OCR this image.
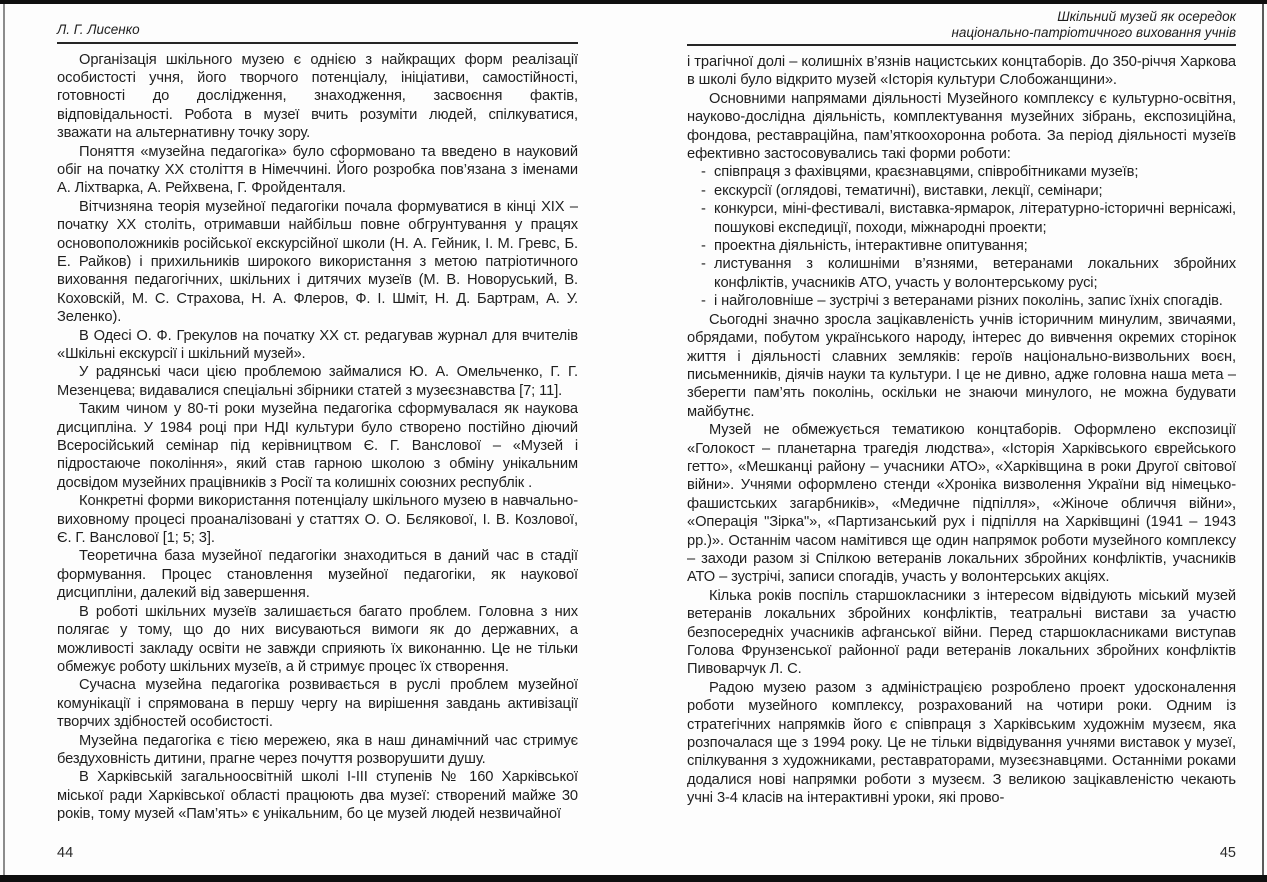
Л. Г. Лисенко

Організація шкільного музею є однією з найкращих форм реалізації особистості учня, його творчого потенціалу, ініціативи, самостійності, готовності до дослідження, знаходження, засвоєння фактів, відповідальності. Робота в музеї вчить розуміти людей, спілкуватися, зважати на альтернативну точку зору.

Поняття «музейна педагогіка» було сформовано та введено в науковий обіг на початку ХХ століття в Німеччині. Його розробка пов’язана з іменами А. Ліхтварка, А. Рейхвена, Г. Фройденталя.

Вітчизняна теорія музейної педагогіки почала формуватися в кінці ХІХ – початку ХХ століть, отримавши найбільш повне обгрунтування у працях основоположників російської екскурсійної школи (Н. А. Гейник, І. М. Гревс, Б. Е. Райков) і прихильників широкого використання з метою патріотичного виховання педагогічних, шкільних і дитячих музеїв (М. В. Новоруський, В. Коховскій, М. С. Страхова, Н. А. Флеров, Ф. І. Шміт, Н. Д. Бартрам, А. У. Зеленко).

В Одесі О. Ф. Грекулов на початку ХХ ст. редагував журнал для вчителів «Шкільні екскурсії і шкільний музей».

У радянські часи цією проблемою займалися Ю. А. Омельченко, Г. Г. Мезенцева; видавалися спеціальні збірники статей з музеєзнавства [7; 11].

Таким чином у 80-ті роки музейна педагогіка сформувалася як наукова дисципліна. У 1984 році при НДІ культури було створено постійно діючий Всеросійський семінар під керівництвом Є. Г. Ванслової – «Музей і підростаюче покоління», який став гарною школою з обміну унікальним досвідом музейних працівників з Росії та колишніх союзних республік .

Конкретні форми використання потенціалу шкільного музею в навчально-виховному процесі проаналізовані у статтях О. О. Бєлякової, І. В. Козлової, Є. Г. Ванслової [1; 5; 3].

Теоретична база музейної педагогіки знаходиться в даний час в стадії формування. Процес становлення музейної педагогіки, як наукової дисципліни, далекий від завершення.

В роботі шкільних музеїв залишається багато проблем. Головна з них полягає у тому, що до них висуваються вимоги як до державних, а можливості закладу освіти не завжди сприяють їх виконанню. Це не тільки обмежує роботу шкільних музеїв, а й стримує процес їх створення.

Сучасна музейна педагогіка розвивається в руслі проблем музейної комунікації і спрямована в першу чергу на вирішення завдань активізації творчих здібностей особистості.

Музейна педагогіка є тією мережею, яка в наш динамічний час стримує бездуховність дитини, прагне через почуття розворушити душу.

В Харківській загальноосвітній школі І-ІІІ ступенів № 160 Харківської міської ради Харківської області працюють два музеї: створений майже 30 років, тому музей «Пам’ять» є унікальним, бо це музей людей незвичайної

44
Шкільний музей як осередок
національно-патріотичного виховання учнів

і трагічної долі – колишніх в’язнів нацистських концтаборів. До 350-річчя Харкова в школі було відкрито музей «Історія культури Слобожанщини».

Основними напрямами діяльності Музейного комплексу є культурно-освітня, науково-дослідна діяльність, комплектування музейних зібрань, експозиційна, фондова, реставраційна, пам’яткоохоронна робота. За період діяльності музеїв ефективно застосовувались такі форми роботи:

- співпраця з фахівцями, краєзнавцями, співробітниками музеїв;

- екскурсії (оглядові, тематичні), виставки, лекції, семінари;

- конкурси, міні-фестивалі, виставка-ярмарок, літературно-історичні вернісажі, пошукові експедиції, походи, міжнародні проекти;

- проектна діяльність, інтерактивне опитування;

- листування з колишніми в’язнями, ветеранами локальних збройних конфліктів, учасників АТО, участь у волонтерському русі;

- і найголовніше – зустрічі з ветеранами різних поколінь, запис їхніх спогадів.

Сьогодні значно зросла зацікавленість учнів історичним минулим, звичаями, обрядами, побутом українського народу, інтерес до вивчення окремих сторінок життя і діяльності славних земляків: героїв національно-визвольних воєн, письменників, діячів науки та культури. І це не дивно, адже головна наша мета – зберегти пам’ять поколінь, оскільки не знаючи минулого, не можна будувати майбутнє.

Музей не обмежується тематикою концтаборів. Оформлено експозиції «Голокост – планетарна трагедія людства», «Історія Харківського єврейського гетто», «Мешканці району – учасники АТО», «Харківщина в роки Другої світової війни». Учнями оформлено стенди «Хроніка визволення України від німецько-фашистських загарбників», «Медичне підпілля», «Жіноче обличчя війни», «Операція "Зірка"», «Партизанський рух і підпілля на Харківщині (1941 – 1943 рр.)». Останнім часом намітився ще один напрямок роботи музейного комплексу – заходи разом зі Спілкою ветеранів локальних збройних конфліктів, учасників АТО – зустрічі, записи спогадів, участь у волонтерських акціях.

Кілька років поспіль старшокласники з інтересом відвідують міський музей ветеранів локальних збройних конфліктів, театральні вистави за участю безпосередніх учасників афганської війни. Перед старшокласниками виступав Голова Фрунзенської районної ради ветеранів локальних збройних конфліктів Пивоварчук Л. С.

Радою музею разом з адміністрацією розроблено проект удосконалення роботи музейного комплексу, розрахований на чотири роки. Одним із стратегічних напрямків його є співпраця з Харківським художнім музеєм, яка розпочалася ще з 1994 року. Це не тільки відвідування учнями виставок у музеї, спілкування з художниками, реставраторами, музеєзнавцями. Останніми роками додалися нові напрямки роботи з музеєм. З великою зацікавленістю чекають учні 3-4 класів на інтерактивні уроки, які прово-

45
